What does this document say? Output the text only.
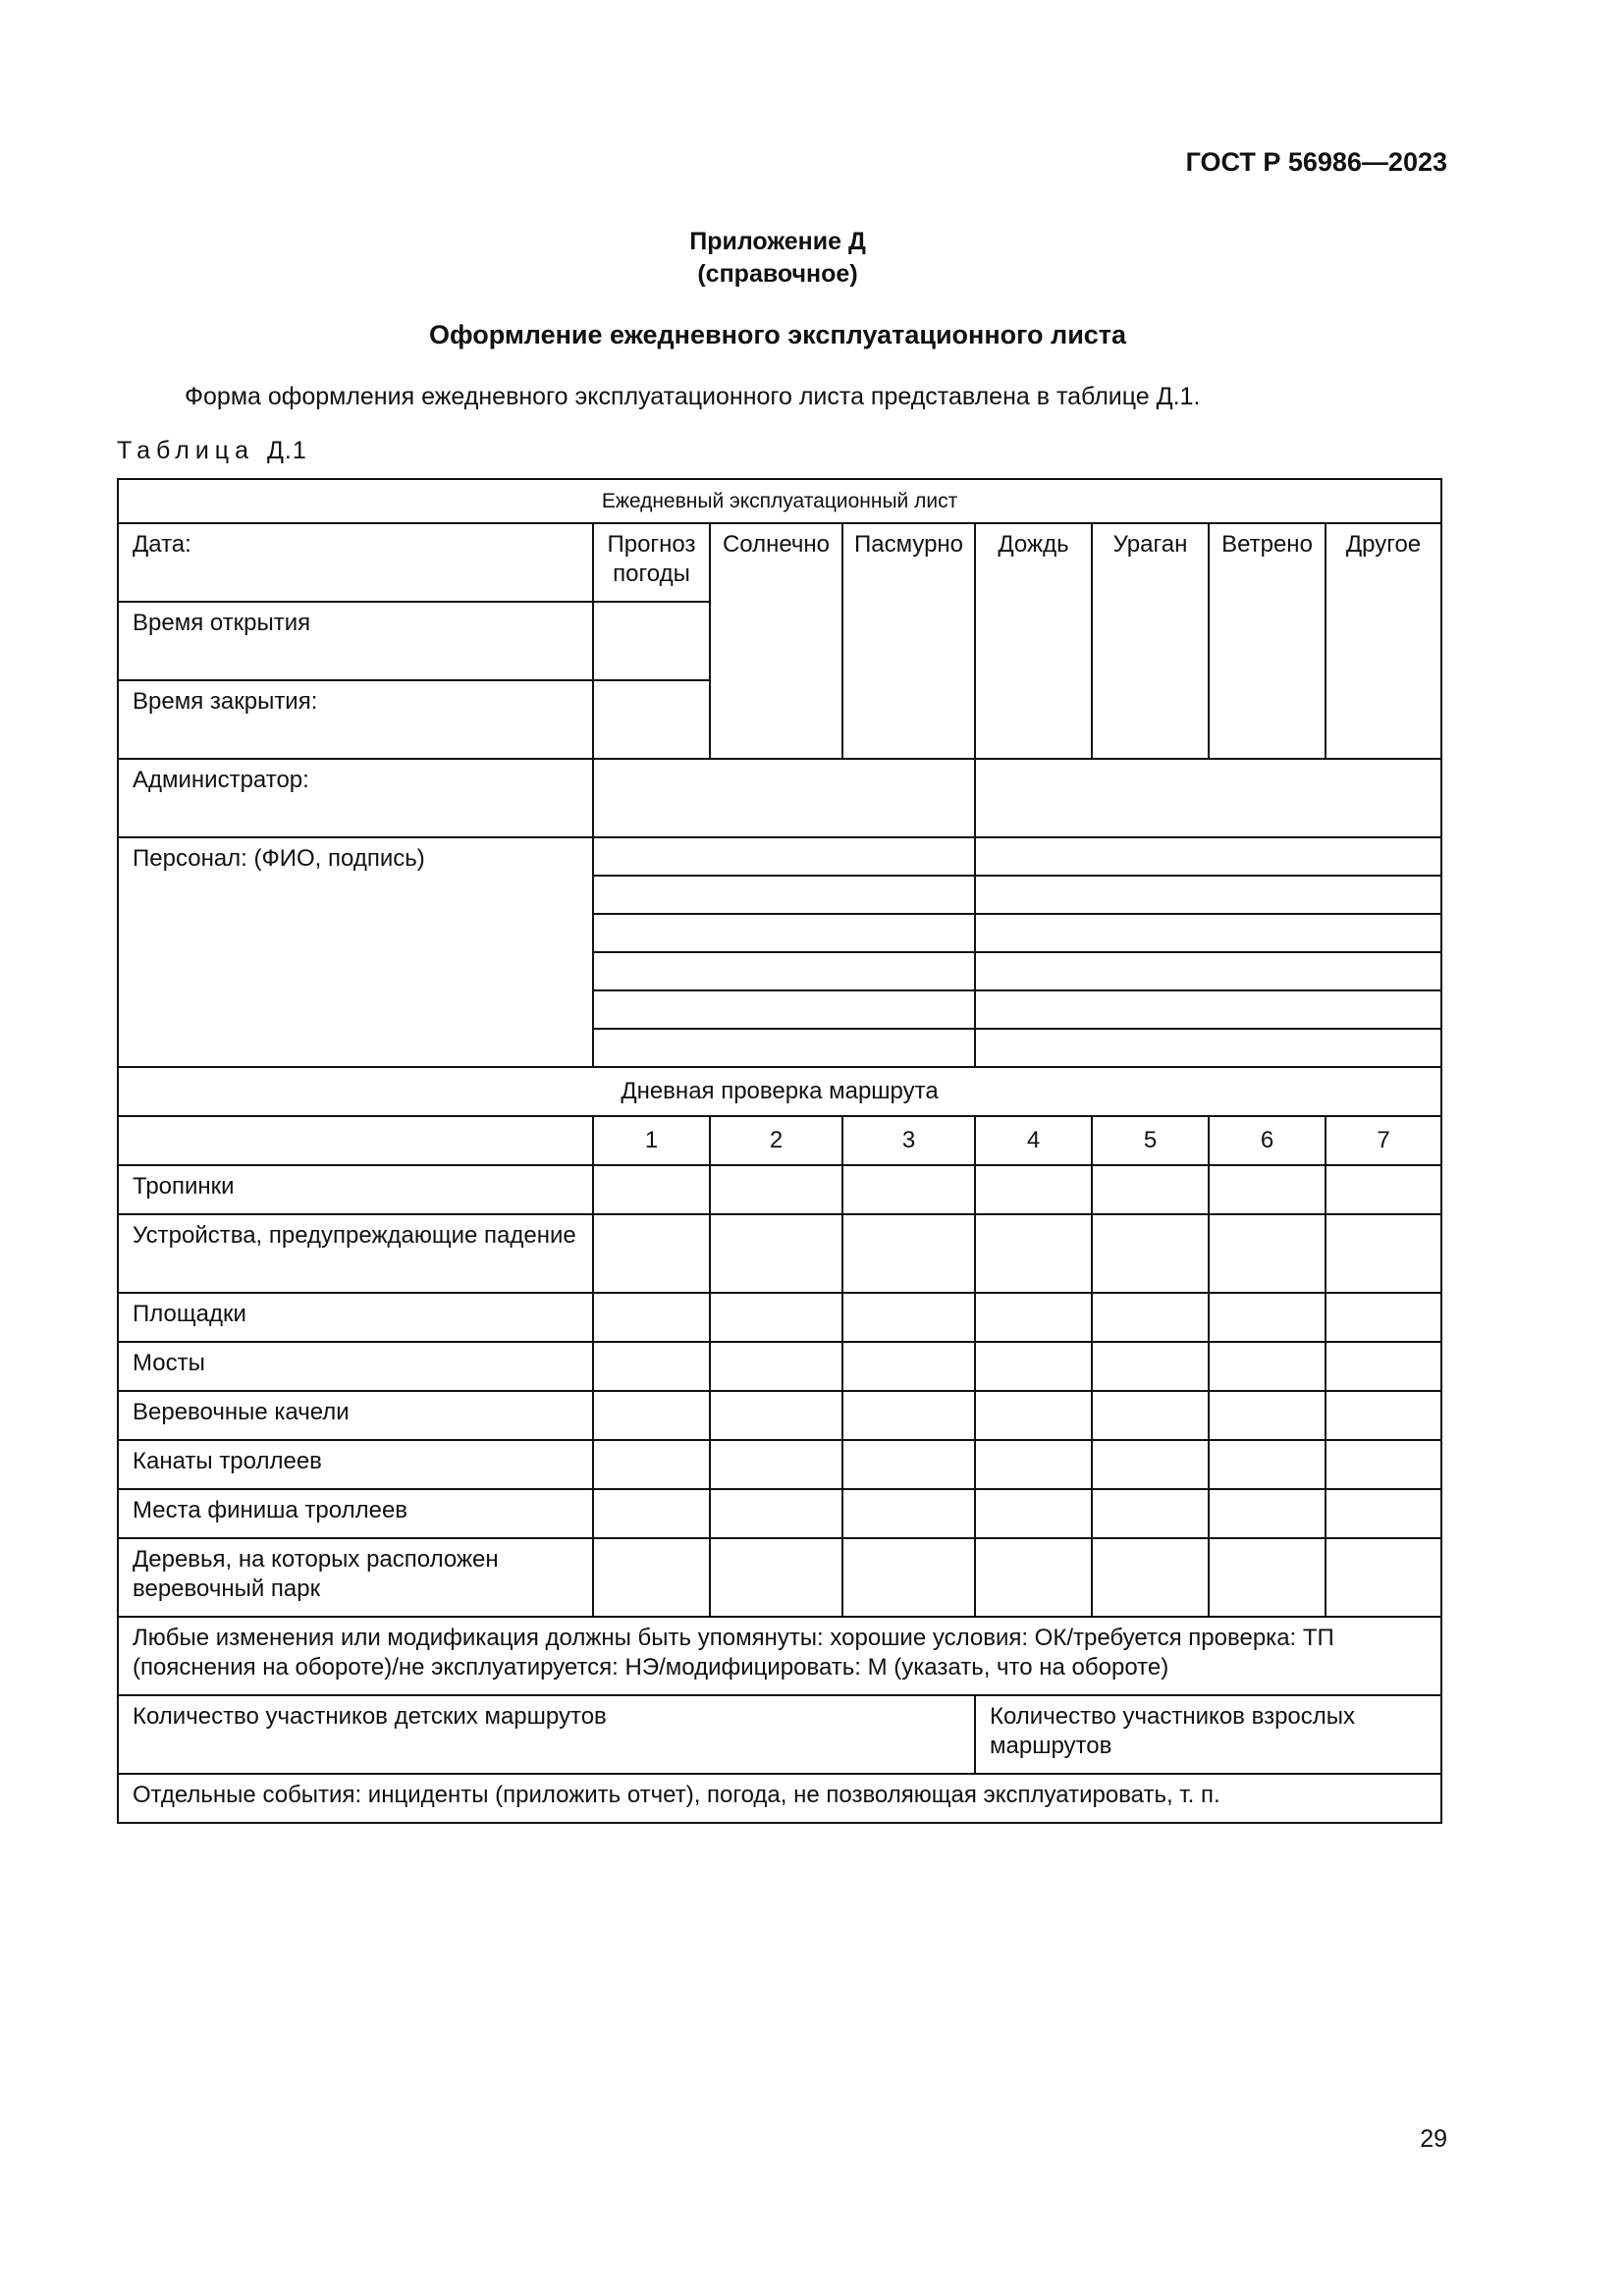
ГОСТ Р 56986—2023
Приложение Д
(справочное)
Оформление ежедневного эксплуатационного листа
Форма оформления ежедневного эксплуатационного листа представлена в таблице Д.1.
Таблица Д.1
Ежедневный эксплуатационный лист							
Дата:	Прогноз погоды	Солнечно	Пасмурно	Дождь	Ураган	Ветрено	Другое
Время открытия							
Время закрытия:							
Администратор:							
Персонал: (ФИО, подпись)							

Дневная проверка маршрута							
	1	2	3	4	5	6	7
Тропинки							
Устройства, предупреждающие падение							
Площадки							
Мосты							
Веревочные качели							
Канаты троллеев							
Места финиша троллеев							
Деревья, на которых расположен веревочный парк							
Любые изменения или модификация должны быть упомянуты: хорошие условия: ОК/требуется проверка: ТП (пояснения на обороте)/не эксплуатируется: НЭ/модифицировать: М (указать, что на обороте)							
Количество участников детских маршрутов				Количество участников взрослых маршрутов			
Отдельные события: инциденты (приложить отчет), погода, не позволяющая эксплуатировать, т. п.							
29
